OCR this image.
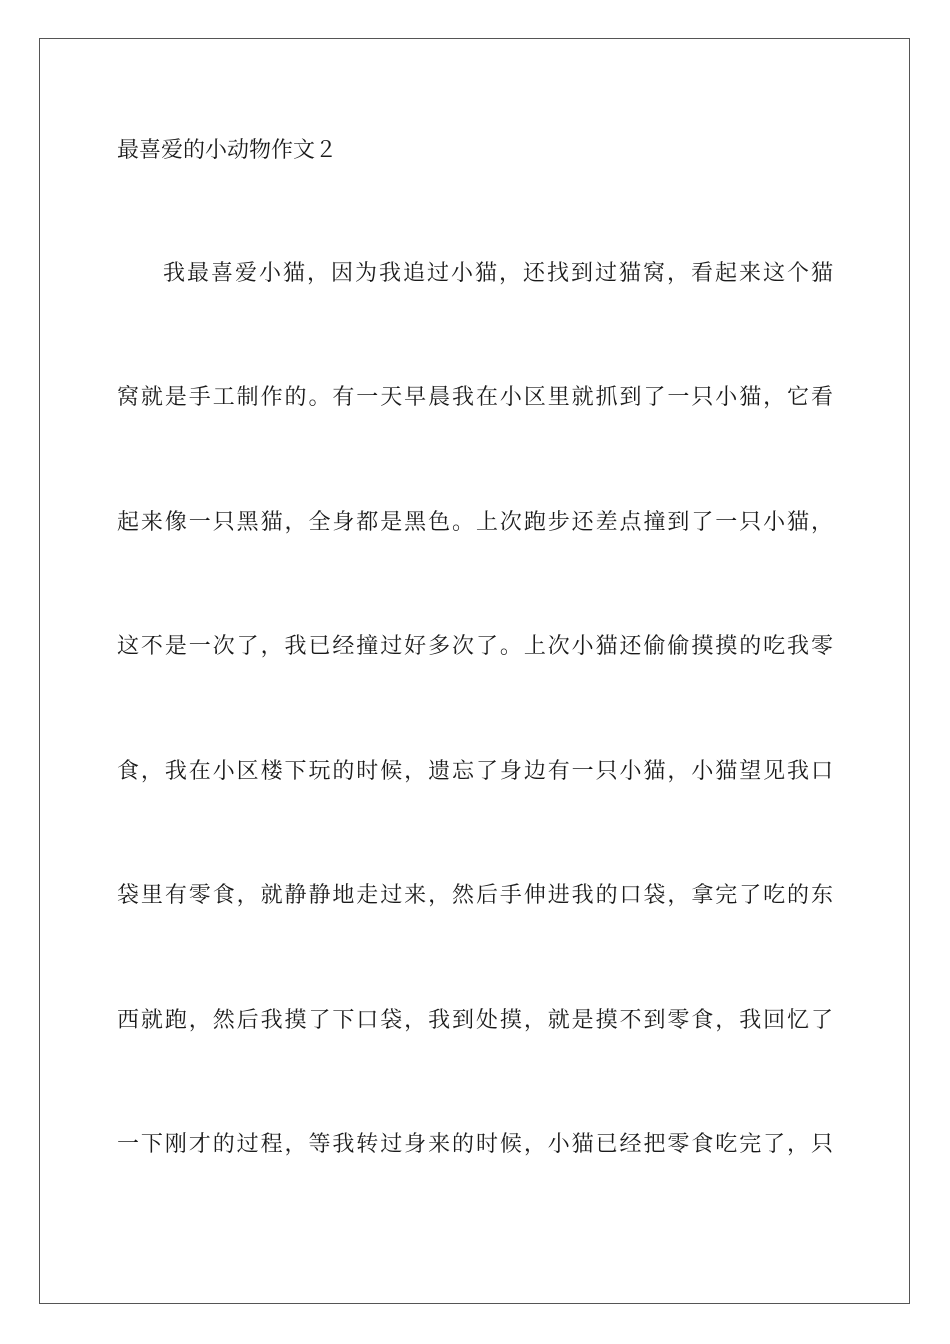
最喜爱的小动物作文２
我最喜爱小猫，因为我追过小猫，还找到过猫窝，看起来这个猫
窝就是手工制作的。有一天早晨我在小区里就抓到了一只小猫，它看
起来像一只黑猫，全身都是黑色。上次跑步还差点撞到了一只小猫，
这不是一次了，我已经撞过好多次了。上次小猫还偷偷摸摸的吃我零
食，我在小区楼下玩的时候，遗忘了身边有一只小猫，小猫望见我口
袋里有零食，就静静地走过来，然后手伸进我的口袋，拿完了吃的东
西就跑，然后我摸了下口袋，我到处摸，就是摸不到零食，我回忆了
一下刚才的过程，等我转过身来的时候，小猫已经把零食吃完了，只
